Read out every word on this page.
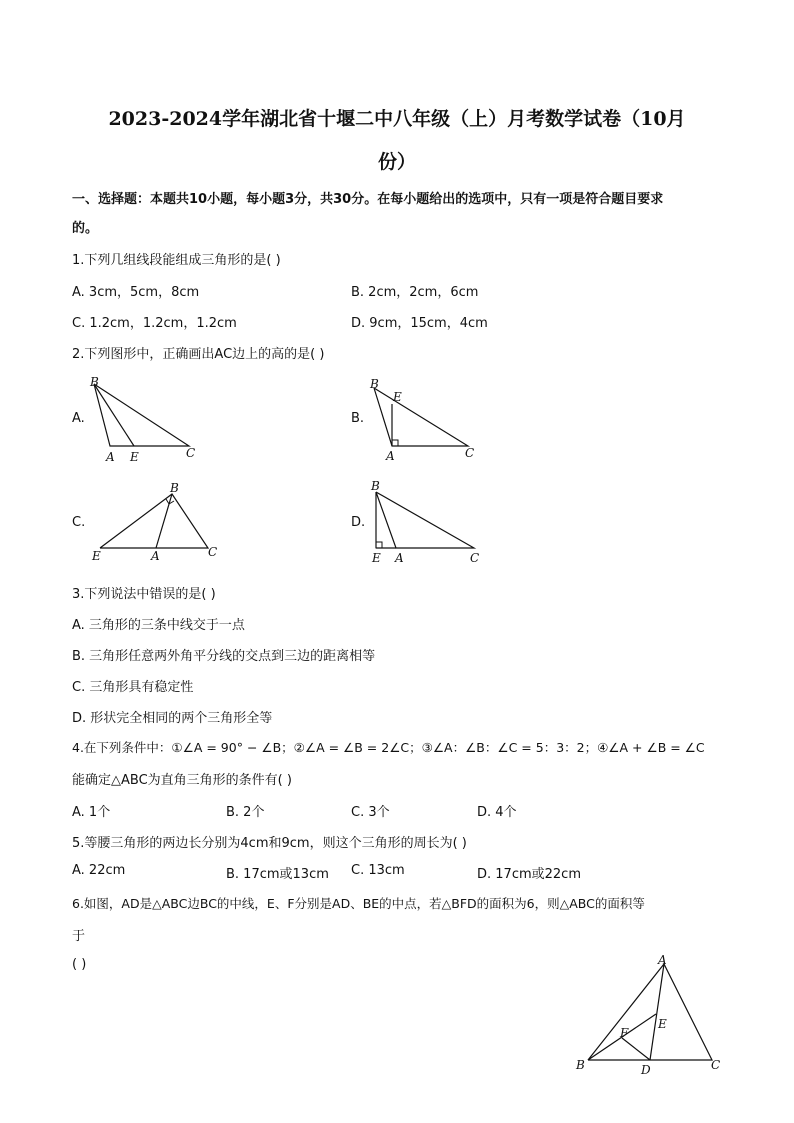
2023-2024学年湖北省十堰二中八年级（上）月考数学试卷（10月
份）
一、选择题：本题共10小题，每小题3分，共30分。在每小题给出的选项中，只有一项是符合题目要求
的。
1.下列几组线段能组成三角形的是( )
A. 3cm，5cm，8cm	B. 2cm，2cm，6cm
C. 1.2cm，1.2cm，1.2cm	D. 9cm，15cm，4cm
2.下列图形中，正确画出AC边上的高的是( )
A.
B
A E	C
B.
B
E
A	C
C.
B
E	A	C
D.
B
E A	C
3.下列说法中错误的是( )
A. 三角形的三条中线交于一点
B. 三角形任意两外角平分线的交点到三边的距离相等
C. 三角形具有稳定性
D. 形状完全相同的两个三角形全等
4.在下列条件中：①∠A = 90° − ∠B；②∠A = ∠B = 2∠C；③∠A：∠B：∠C = 5：3：2；④∠A + ∠B = ∠C
能确定△ABC为直角三角形的条件有( )
A. 1个	B. 2个	C. 3个	D. 4个
5.等腰三角形的两边长分别为4cm和9cm，则这个三角形的周长为( )
A. 22cm	B. 17cm或13cm C. 13cm	D. 17cm或22cm
6.如图，AD是△ABC边BC的中线，E、F分别是AD、BE的中点，若△BFD的面积为6，则△ABC的面积等
于
( )	A
B	C
D
E
F
